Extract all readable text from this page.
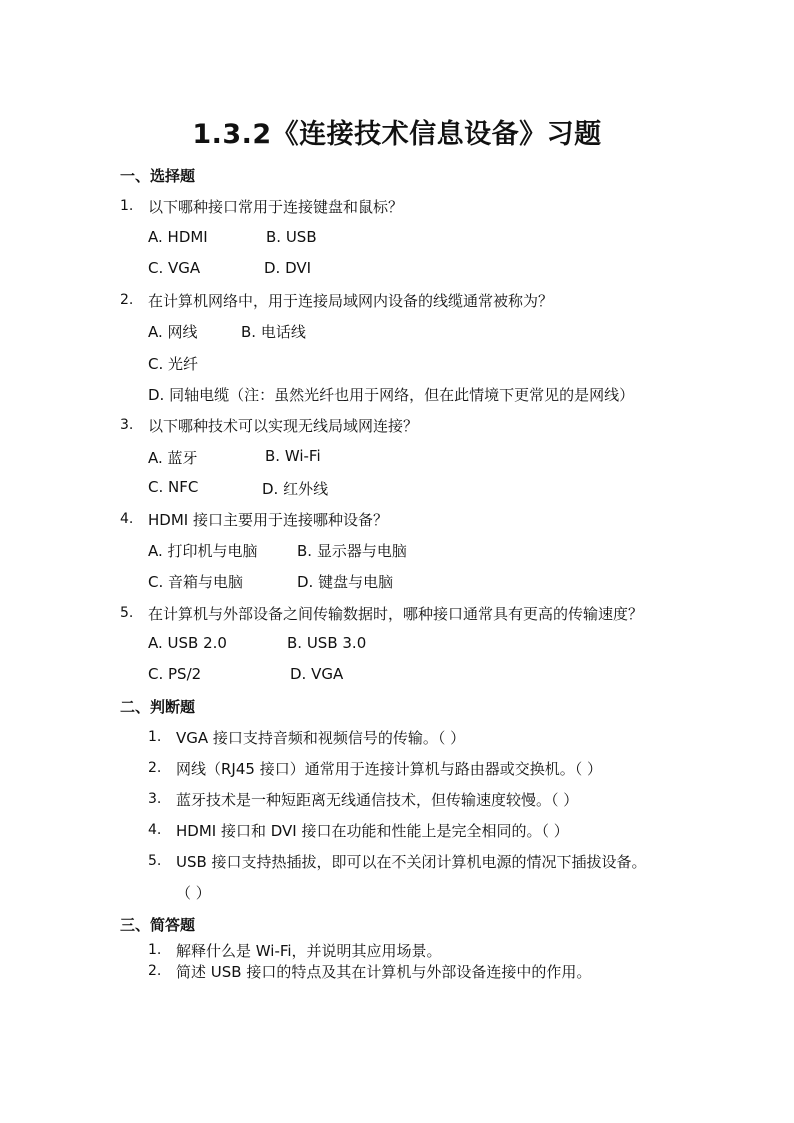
1.3.2《连接技术信息设备》习题
一、选择题
1. 以下哪种接口常用于连接键盘和鼠标？
A. HDMI	B. USB
C. VGA	D. DVI
2. 在计算机网络中，用于连接局域网内设备的线缆通常被称为？
A. 网线	B. 电话线
C. 光纤
D. 同轴电缆（注：虽然光纤也用于网络，但在此情境下更常见的是网线）
3. 以下哪种技术可以实现无线局域网连接？
A. 蓝牙	B. Wi-Fi
C. NFC	D. 红外线
4. HDMI 接口主要用于连接哪种设备？
A. 打印机与电脑	B. 显示器与电脑
C. 音箱与电脑	D. 键盘与电脑
5. 在计算机与外部设备之间传输数据时，哪种接口通常具有更高的传输速度？
A. USB 2.0	B. USB 3.0
C. PS/2	D. VGA
二、判断题
1. VGA 接口支持音频和视频信号的传输。（ ）
2. 网线（RJ45 接口）通常用于连接计算机与路由器或交换机。（ ）
3. 蓝牙技术是一种短距离无线通信技术，但传输速度较慢。（ ）
4. HDMI 接口和 DVI 接口在功能和性能上是完全相同的。（ ）
5. USB 接口支持热插拔，即可以在不关闭计算机电源的情况下插拔设备。
（ ）
三、简答题
1. 解释什么是 Wi-Fi，并说明其应用场景。
2. 简述 USB 接口的特点及其在计算机与外部设备连接中的作用。
